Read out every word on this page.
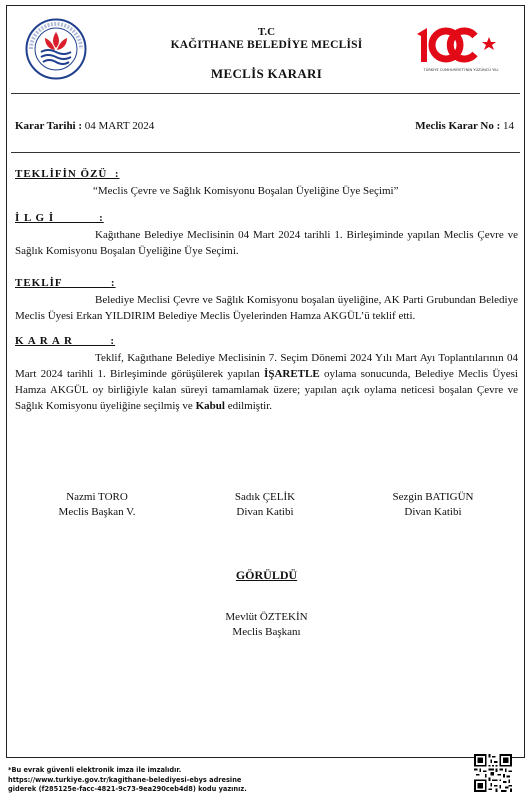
TÜRKİYE CUMHURİYETİ'NİN YÜZÜNCÜ YILI
T.C
KAĞITHANE BELEDİYE MECLİSİ
MECLİS KARARI
Karar Tarihi : 04 MART 2024	Meclis Karar No : 14
TEKLİFİN ÖZÜ  :
“Meclis Çevre ve Sağlık Komisyonu Boşalan Üyeliğine Üye Seçimi”
İ L G İ            :
Kağıthane Belediye Meclisinin 04 Mart 2024 tarihli 1. Birleşiminde yapılan Meclis Çevre ve Sağlık Komisyonu Boşalan Üyeliğine Üye Seçimi.
TEKLİF             :
Belediye Meclisi Çevre ve Sağlık Komisyonu boşalan üyeliğine, AK Parti Grubundan Belediye Meclis Üyesi Erkan YILDIRIM Belediye Meclis Üyelerinden Hamza AKGÜL’ü teklif etti.
K A R A R          :
Teklif, Kağıthane Belediye Meclisinin 7. Seçim Dönemi 2024 Yılı Mart Ayı Toplantılarının 04 Mart 2024 tarihli 1. Birleşiminde görüşülerek yapılan İŞARETLE oylama sonucunda, Belediye Meclis Üyesi Hamza AKGÜL oy birliğiyle kalan süreyi tamamlamak üzere; yapılan açık oylama neticesi boşalan Çevre ve Sağlık Komisyonu üyeliğine seçilmiş ve Kabul edilmiştir.
Nazmi TORO
Meclis Başkan V.
Sadık ÇELİK
Divan Katibi
Sezgin BATIGÜN
Divan Katibi
GÖRÜLDÜ
Mevlüt ÖZTEKİN
Meclis Başkanı
*Bu evrak güvenli elektronik imza ile imzalıdır.
https://www.turkiye.gov.tr/kagithane-belediyesi-ebys adresine
giderek (f285125e-facc-4821-9c73-9ea290ceb4d8) kodu yazınız.
